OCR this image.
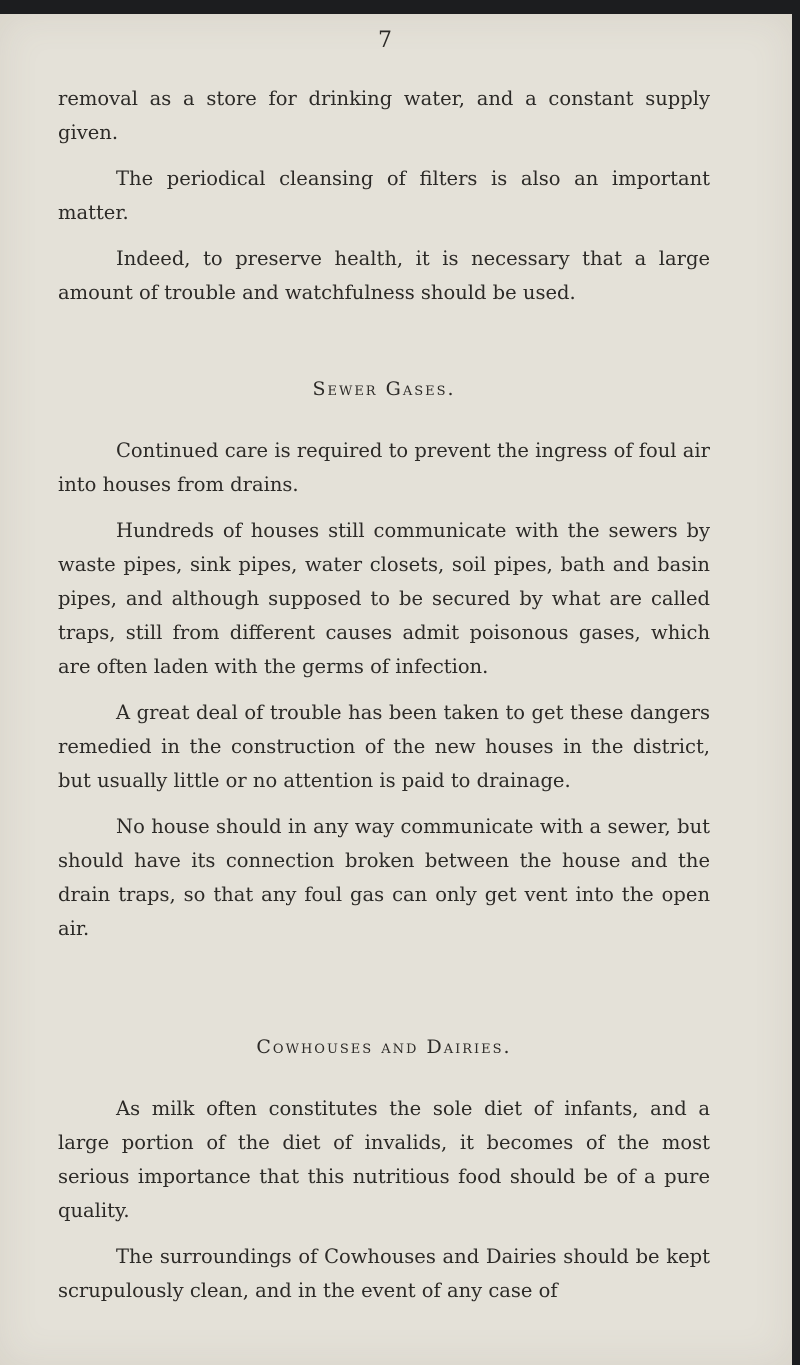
7

removal as a store for drinking water, and a constant supply given.

The periodical cleansing of filters is also an important matter.

Indeed, to preserve health, it is necessary that a large amount of trouble and watchfulness should be used.

Sewer Gases.

Continued care is required to prevent the ingress of foul air into houses from drains.

Hundreds of houses still communicate with the sewers by waste pipes, sink pipes, water closets, soil pipes, bath and basin pipes, and although supposed to be secured by what are called traps, still from different causes admit poisonous gases, which are often laden with the germs of infection.

A great deal of trouble has been taken to get these dangers remedied in the construction of the new houses in the district, but usually little or no attention is paid to drainage.

No house should in any way communicate with a sewer, but should have its connection broken between the house and the drain traps, so that any foul gas can only get vent into the open air.

Cowhouses and Dairies.

As milk often constitutes the sole diet of infants, and a large portion of the diet of invalids, it becomes of the most serious importance that this nutritious food should be of a pure quality.

The surroundings of Cowhouses and Dairies should be kept scrupulously clean, and in the event of any case of
